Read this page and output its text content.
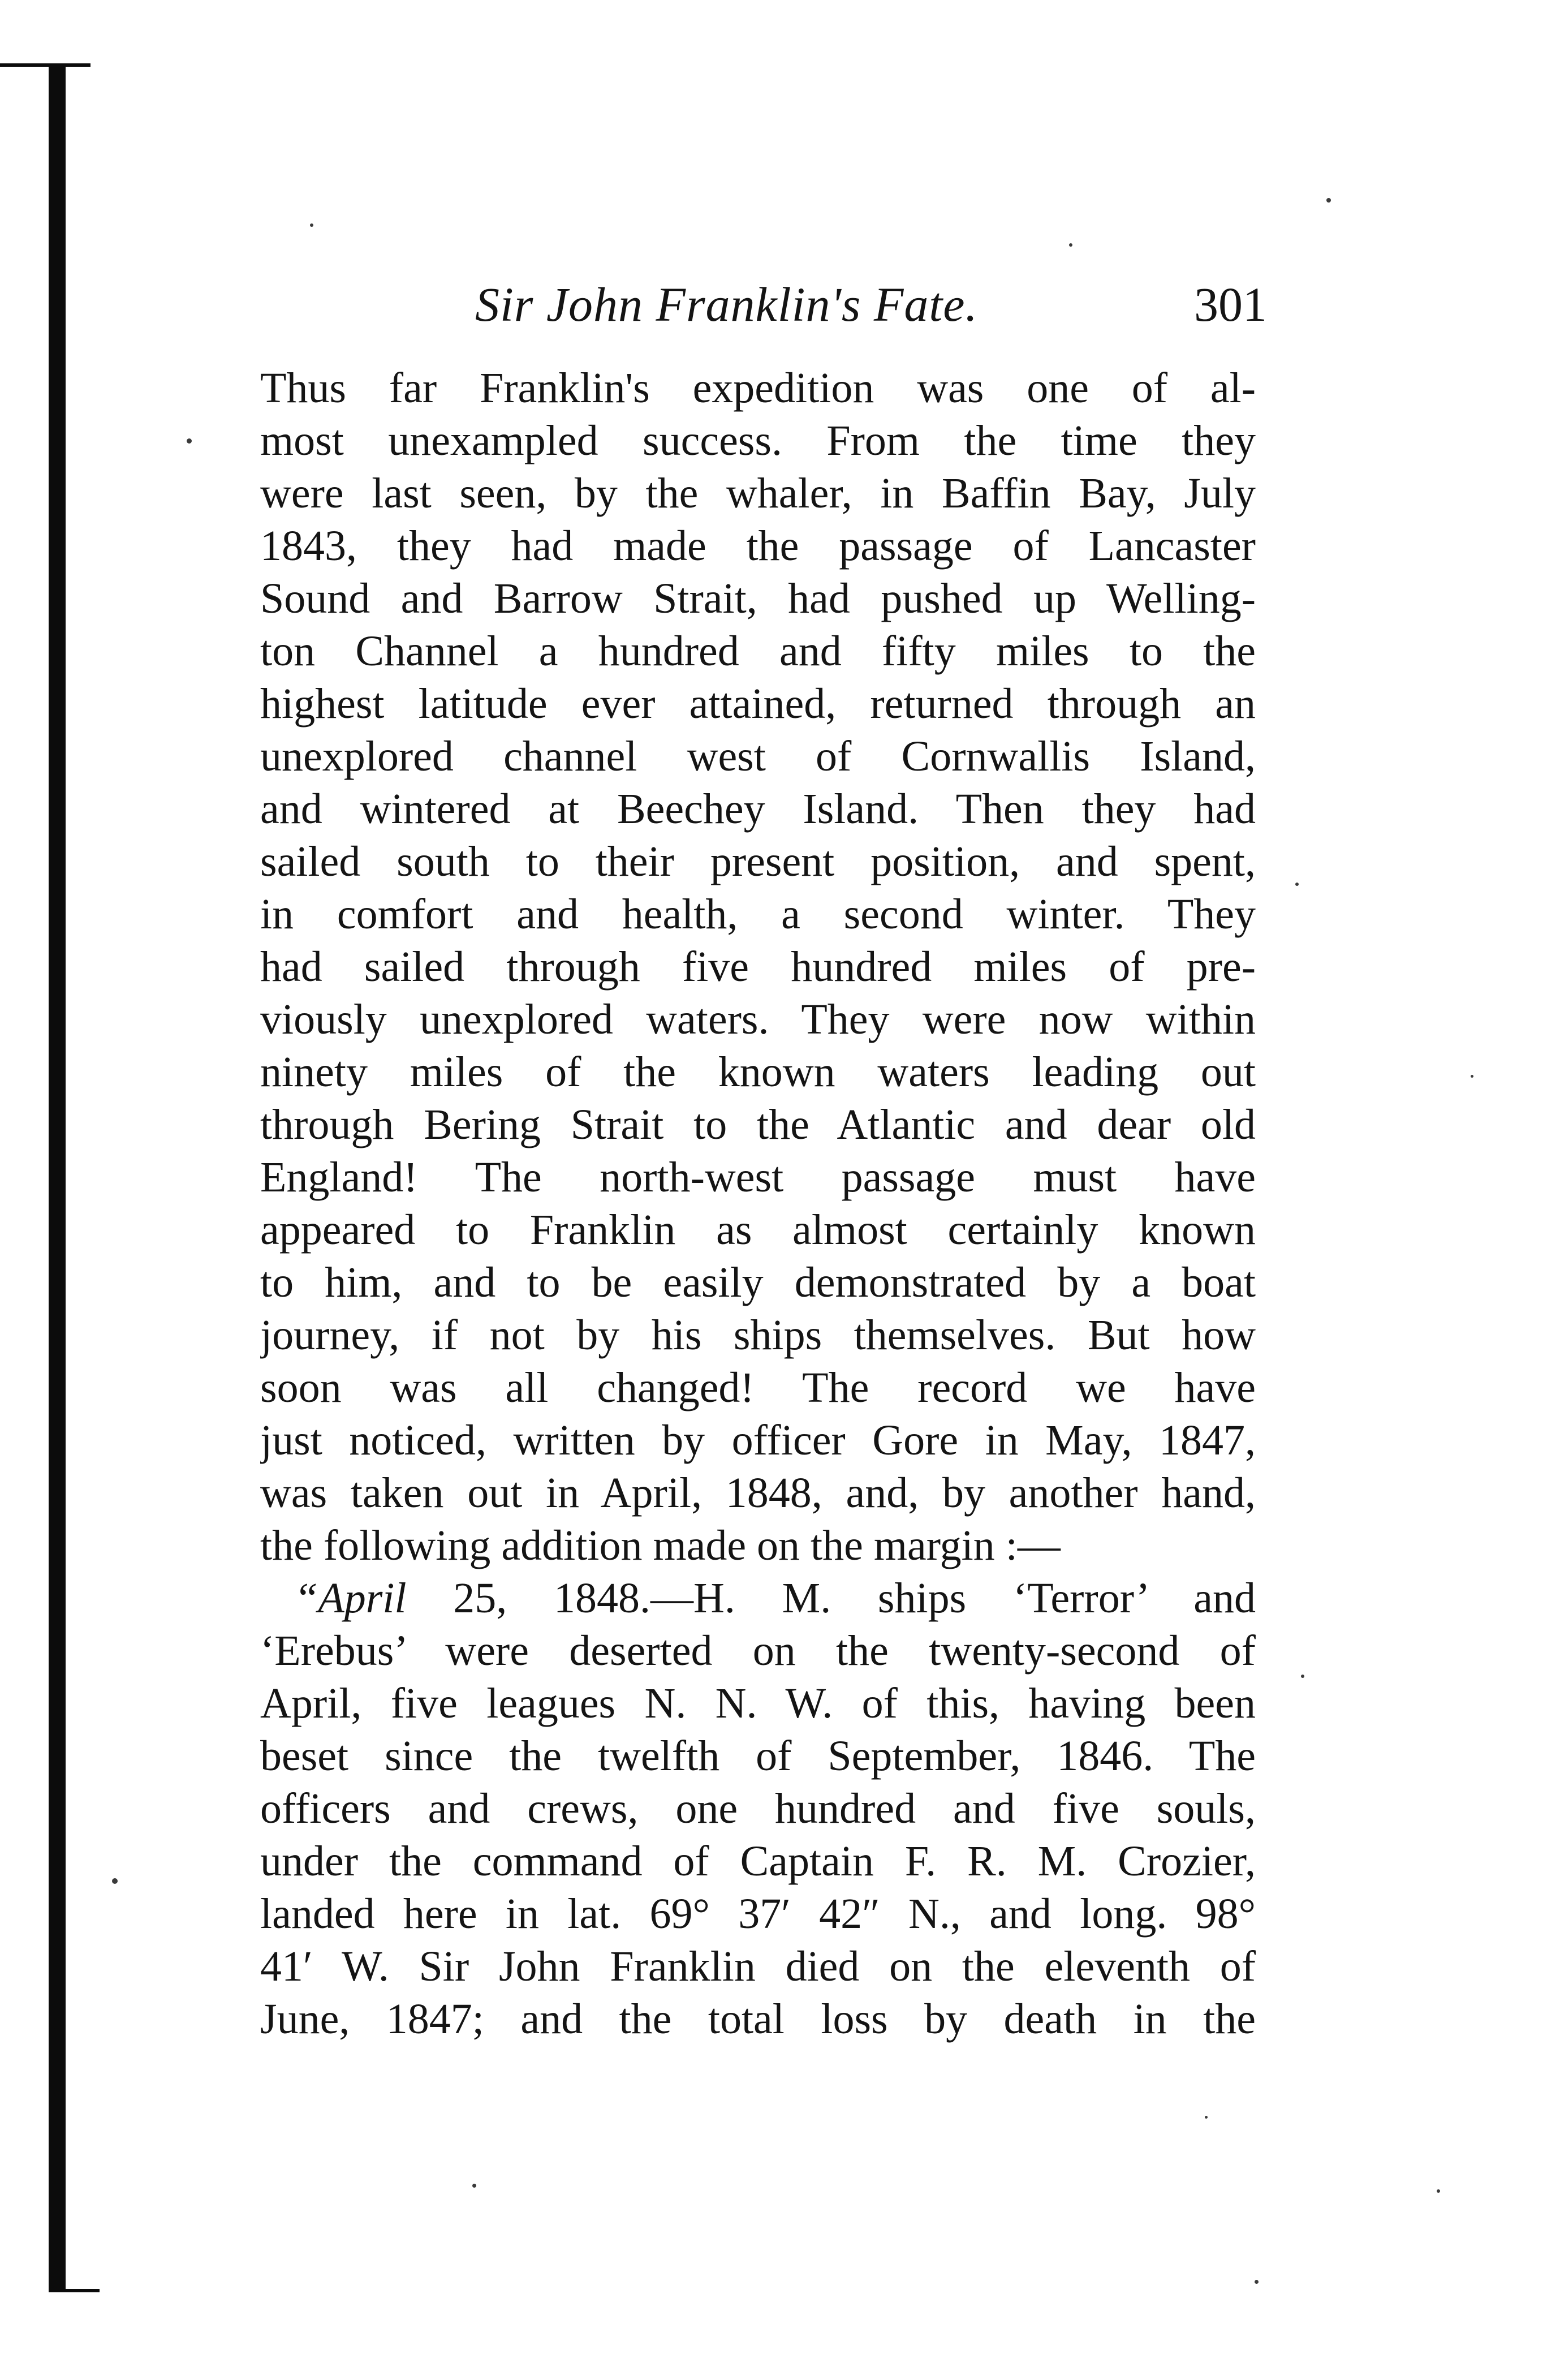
Sir John Franklin's Fate.	301
Thus far Franklin's expedition was one of al-
most unexampled success. From the time they
were last seen, by the whaler, in Baffin Bay, July
1843, they had made the passage of Lancaster
Sound and Barrow Strait, had pushed up Welling-
ton Channel a hundred and fifty miles to the
highest latitude ever attained, returned through an
unexplored channel west of Cornwallis Island,
and wintered at Beechey Island. Then they had
sailed south to their present position, and spent,
in comfort and health, a second winter. They
had sailed through five hundred miles of pre-
viously unexplored waters. They were now within
ninety miles of the known waters leading out
through Bering Strait to the Atlantic and dear old
England! The north-west passage must have
appeared to Franklin as almost certainly known
to him, and to be easily demonstrated by a boat
journey, if not by his ships themselves. But how
soon was all changed! The record we have
just noticed, written by officer Gore in May, 1847,
was taken out in April, 1848, and, by another hand,
the following addition made on the margin :—
“April 25, 1848.—H. M. ships ‘Terror’ and
‘Erebus’ were deserted on the twenty-second of
April, five leagues N. N. W. of this, having been
beset since the twelfth of September, 1846. The
officers and crews, one hundred and five souls,
under the command of Captain F. R. M. Crozier,
landed here in lat. 69° 37′ 42″ N., and long. 98°
41′ W. Sir John Franklin died on the eleventh of
June, 1847; and the total loss by death in the
